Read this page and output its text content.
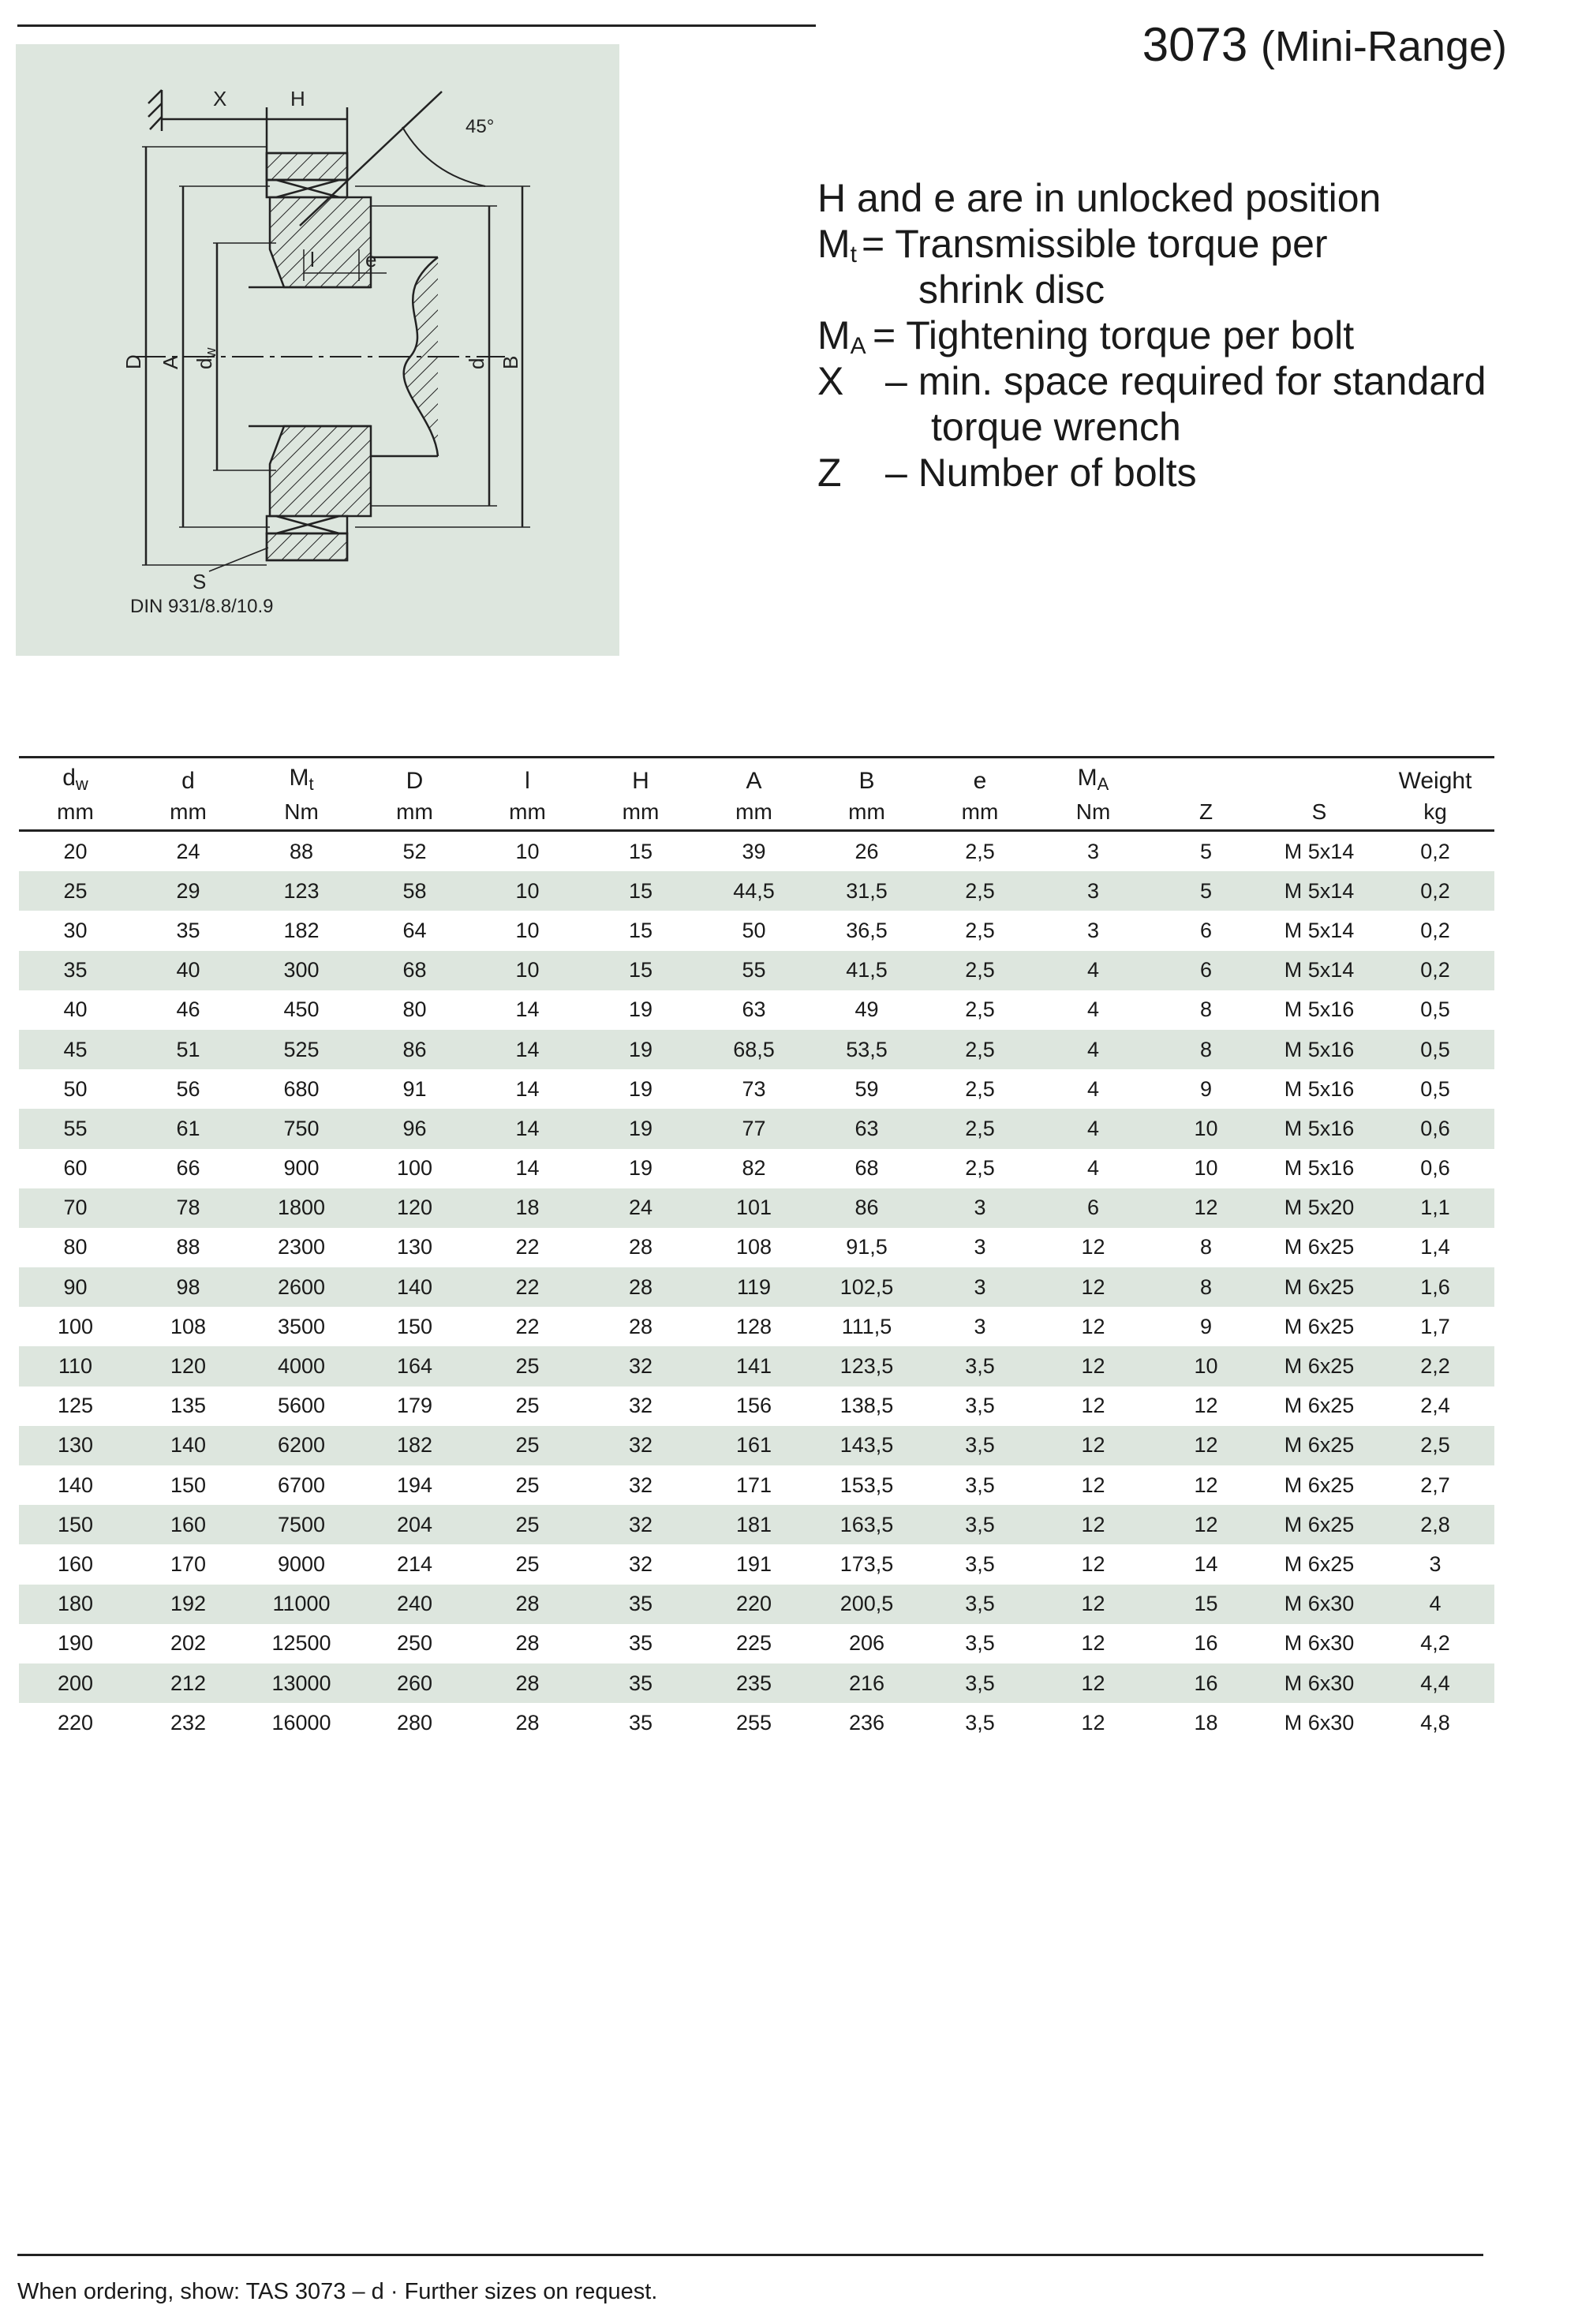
3073 (Mini-Range)
X	H
45°
l e
D A dw
d B
S
DIN 931/8.8/10.9
H and e are in unlocked position
$M_t$ = Transmissible torque per
shrink disc
$M_A$ = Tightening torque per bolt
X – min. space required for standard
torque wrench
Z – Number of bolts
$d_w$	d	$M_t$	D	l	H	A	B	e	$M_A$			Weight
mm	mm	Nm	mm	mm	mm	mm	mm	mm	Nm	Z	S	kg
20	24	88	52	10	15	39	26	2,5	3	5	M 5x14	0,2
25	29	123	58	10	15	44,5	31,5	2,5	3	5	M 5x14	0,2
30	35	182	64	10	15	50	36,5	2,5	3	6	M 5x14	0,2
35	40	300	68	10	15	55	41,5	2,5	4	6	M 5x14	0,2
40	46	450	80	14	19	63	49	2,5	4	8	M 5x16	0,5
45	51	525	86	14	19	68,5	53,5	2,5	4	8	M 5x16	0,5
50	56	680	91	14	19	73	59	2,5	4	9	M 5x16	0,5
55	61	750	96	14	19	77	63	2,5	4	10	M 5x16	0,6
60	66	900	100	14	19	82	68	2,5	4	10	M 5x16	0,6
70	78	1800	120	18	24	101	86	3	6	12	M 5x20	1,1
80	88	2300	130	22	28	108	91,5	3	12	8	M 6x25	1,4
90	98	2600	140	22	28	119	102,5	3	12	8	M 6x25	1,6
100	108	3500	150	22	28	128	111,5	3	12	9	M 6x25	1,7
110	120	4000	164	25	32	141	123,5	3,5	12	10	M 6x25	2,2
125	135	5600	179	25	32	156	138,5	3,5	12	12	M 6x25	2,4
130	140	6200	182	25	32	161	143,5	3,5	12	12	M 6x25	2,5
140	150	6700	194	25	32	171	153,5	3,5	12	12	M 6x25	2,7
150	160	7500	204	25	32	181	163,5	3,5	12	12	M 6x25	2,8
160	170	9000	214	25	32	191	173,5	3,5	12	14	M 6x25	3
180	192	11000	240	28	35	220	200,5	3,5	12	15	M 6x30	4
190	202	12500	250	28	35	225	206	3,5	12	16	M 6x30	4,2
200	212	13000	260	28	35	235	216	3,5	12	16	M 6x30	4,4
220	232	16000	280	28	35	255	236	3,5	12	18	M 6x30	4,8
When ordering, show: TAS 3073 – d · Further sizes on request.
